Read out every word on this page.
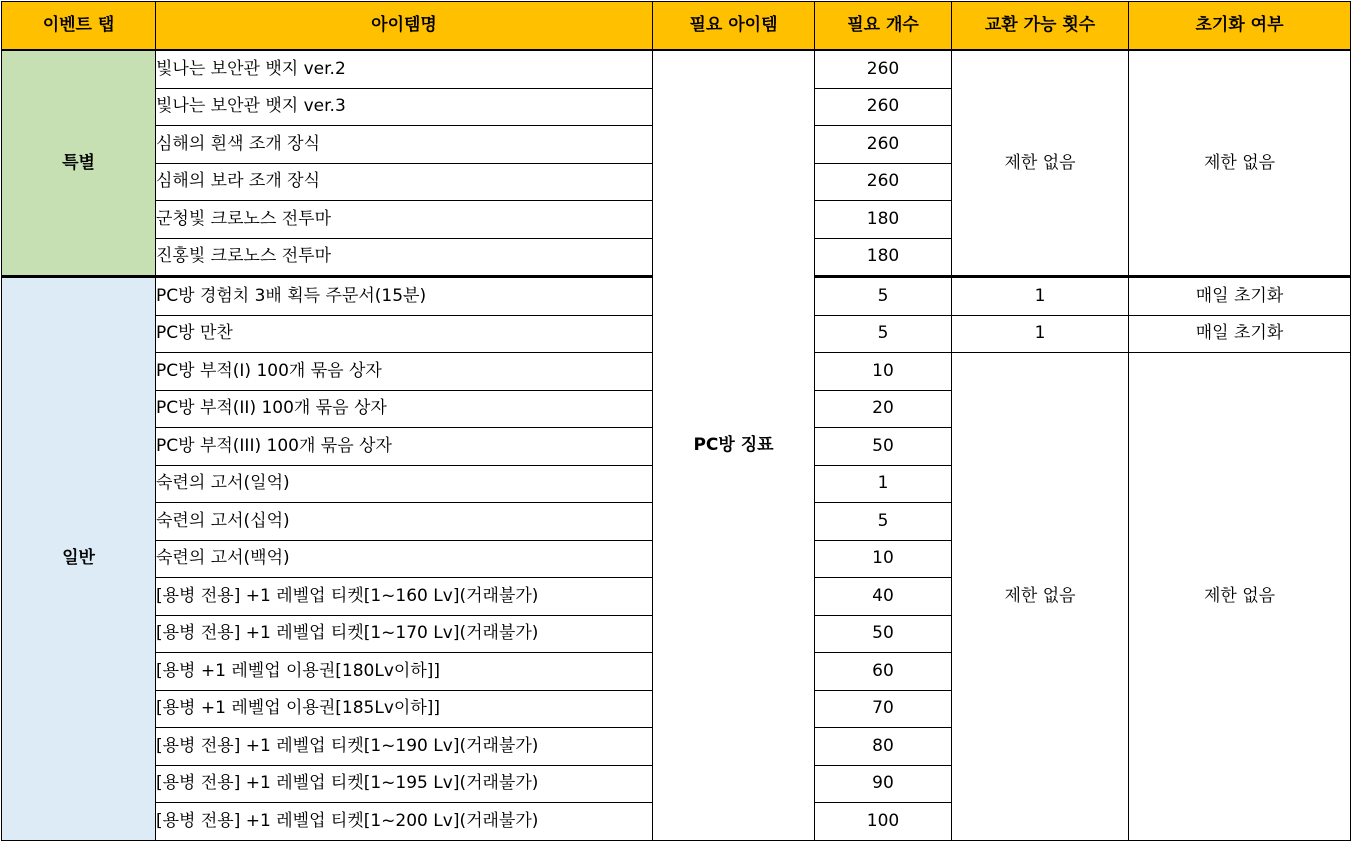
이벤트 탭	아이템명	필요 아이템	필요 개수	교환 가능 횟수	초기화 여부
특별	빛나는 보안관 뱃지 ver.2	PC방 징표	260	제한 없음	제한 없음
	빛나는 보안관 뱃지 ver.3		260		
	심해의 흰색 조개 장식		260		
	심해의 보라 조개 장식		260		
	군청빛 크로노스 전투마		180		
	진홍빛 크로노스 전투마		180		
일반	PC방 경험치 3배 획득 주문서(15분)		5	1	매일 초기화
	PC방 만찬		5	1	매일 초기화
	PC방 부적(I) 100개 묶음 상자		10	제한 없음	제한 없음
	PC방 부적(II) 100개 묶음 상자		20		
	PC방 부적(III) 100개 묶음 상자		50		
	숙련의 고서(일억)		1		
	숙련의 고서(십억)		5		
	숙련의 고서(백억)		10		
	[용병 전용] +1 레벨업 티켓[1~160 Lv](거래불가)		40		
	[용병 전용] +1 레벨업 티켓[1~170 Lv](거래불가)		50		
	[용병 +1 레벨업 이용권[180Lv이하]]		60		
	[용병 +1 레벨업 이용권[185Lv이하]]		70		
	[용병 전용] +1 레벨업 티켓[1~190 Lv](거래불가)		80		
	[용병 전용] +1 레벨업 티켓[1~195 Lv](거래불가)		90		
	[용병 전용] +1 레벨업 티켓[1~200 Lv](거래불가)		100		
